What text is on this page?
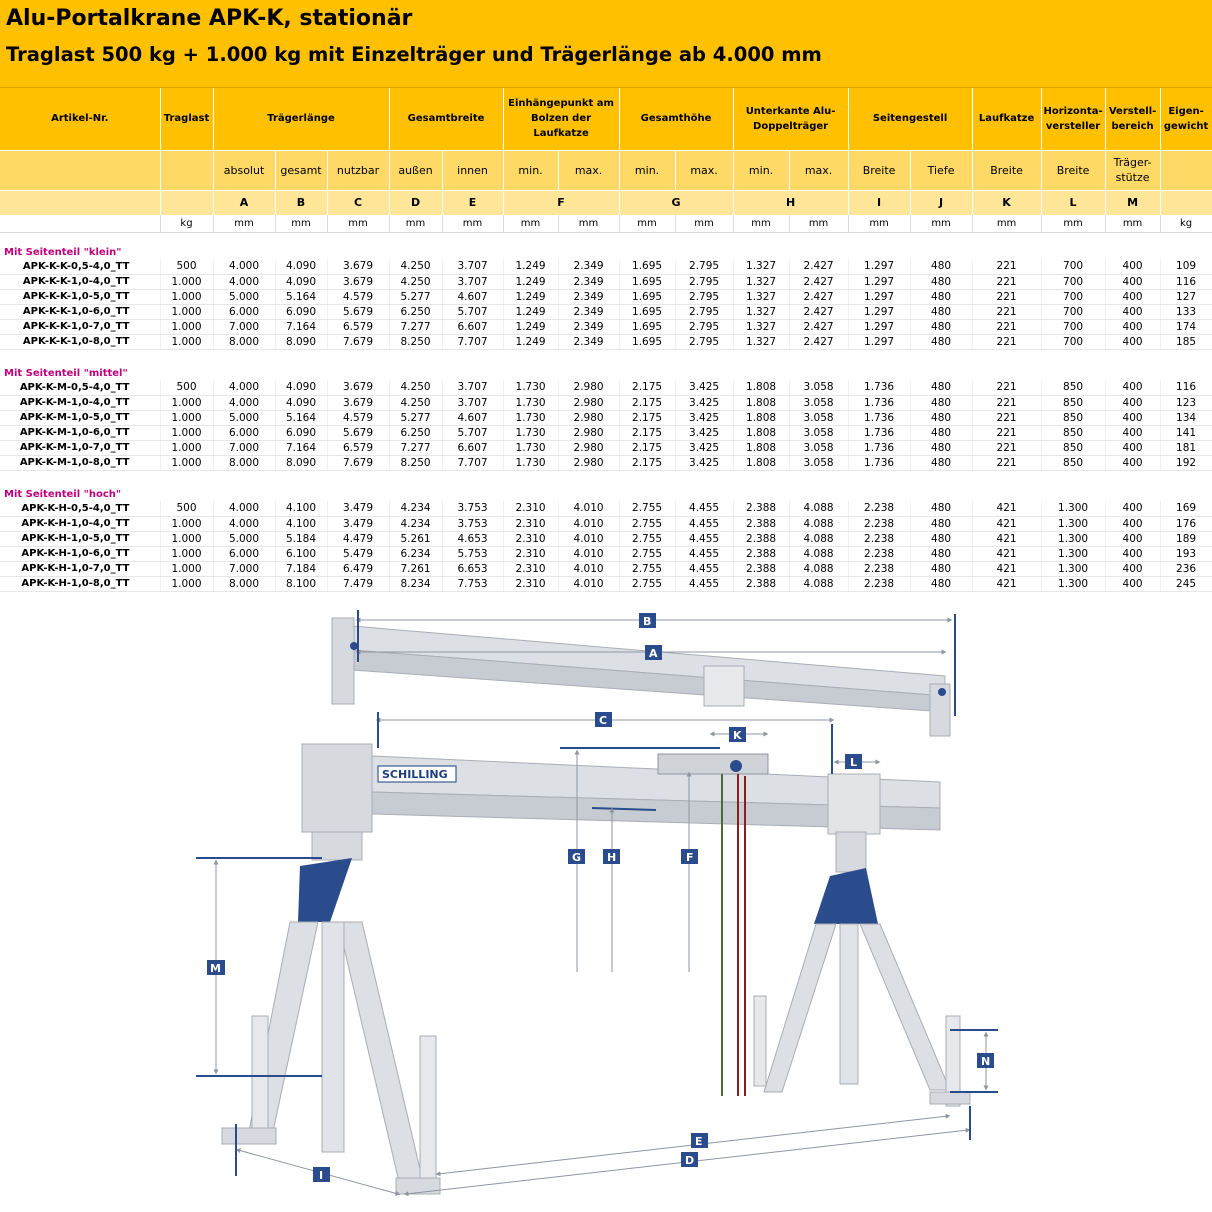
Alu-Portalkrane APK-K, stationär
Traglast 500 kg + 1.000 kg mit Einzelträger und Trägerlänge ab 4.000 mm
Artikel-Nr.	Traglast	Trägerlänge			Gesamtbreite		Einhängepunkt am Bolzen der Laufkatze		Gesamthöhe		Unterkante Alu-Doppelträger		Seitengestell		Laufkatze	Horizonta-versteller	Verstell-bereich	Eigen-gewicht
		absolut	gesamt	nutzbar	außen	innen	min.	max.	min.	max.	min.	max.	Breite	Tiefe	Breite	Breite	Träger-stütze	
		A	B	C	D	E	F		G		H		I	J	K	L	M	
	kg	mm	mm	mm	mm	mm	mm	mm	mm	mm	mm	mm	mm	mm	mm	mm	mm	kg

Mit Seitenteil "klein"																		
APK-K-K-0,5-4,0_TT	500	4.000	4.090	3.679	4.250	3.707	1.249	2.349	1.695	2.795	1.327	2.427	1.297	480	221	700	400	109
APK-K-K-1,0-4,0_TT	1.000	4.000	4.090	3.679	4.250	3.707	1.249	2.349	1.695	2.795	1.327	2.427	1.297	480	221	700	400	116
APK-K-K-1,0-5,0_TT	1.000	5.000	5.164	4.579	5.277	4.607	1.249	2.349	1.695	2.795	1.327	2.427	1.297	480	221	700	400	127
APK-K-K-1,0-6,0_TT	1.000	6.000	6.090	5.679	6.250	5.707	1.249	2.349	1.695	2.795	1.327	2.427	1.297	480	221	700	400	133
APK-K-K-1,0-7,0_TT	1.000	7.000	7.164	6.579	7.277	6.607	1.249	2.349	1.695	2.795	1.327	2.427	1.297	480	221	700	400	174
APK-K-K-1,0-8,0_TT	1.000	8.000	8.090	7.679	8.250	7.707	1.249	2.349	1.695	2.795	1.327	2.427	1.297	480	221	700	400	185

Mit Seitenteil "mittel"																		
APK-K-M-0,5-4,0_TT	500	4.000	4.090	3.679	4.250	3.707	1.730	2.980	2.175	3.425	1.808	3.058	1.736	480	221	850	400	116
APK-K-M-1,0-4,0_TT	1.000	4.000	4.090	3.679	4.250	3.707	1.730	2.980	2.175	3.425	1.808	3.058	1.736	480	221	850	400	123
APK-K-M-1,0-5,0_TT	1.000	5.000	5.164	4.579	5.277	4.607	1.730	2.980	2.175	3.425	1.808	3.058	1.736	480	221	850	400	134
APK-K-M-1,0-6,0_TT	1.000	6.000	6.090	5.679	6.250	5.707	1.730	2.980	2.175	3.425	1.808	3.058	1.736	480	221	850	400	141
APK-K-M-1,0-7,0_TT	1.000	7.000	7.164	6.579	7.277	6.607	1.730	2.980	2.175	3.425	1.808	3.058	1.736	480	221	850	400	181
APK-K-M-1,0-8,0_TT	1.000	8.000	8.090	7.679	8.250	7.707	1.730	2.980	2.175	3.425	1.808	3.058	1.736	480	221	850	400	192

Mit Seitenteil "hoch"																		
APK-K-H-0,5-4,0_TT	500	4.000	4.100	3.479	4.234	3.753	2.310	4.010	2.755	4.455	2.388	4.088	2.238	480	421	1.300	400	169
APK-K-H-1,0-4,0_TT	1.000	4.000	4.100	3.479	4.234	3.753	2.310	4.010	2.755	4.455	2.388	4.088	2.238	480	421	1.300	400	176
APK-K-H-1,0-5,0_TT	1.000	5.000	5.184	4.479	5.261	4.653	2.310	4.010	2.755	4.455	2.388	4.088	2.238	480	421	1.300	400	189
APK-K-H-1,0-6,0_TT	1.000	6.000	6.100	5.479	6.234	5.753	2.310	4.010	2.755	4.455	2.388	4.088	2.238	480	421	1.300	400	193
APK-K-H-1,0-7,0_TT	1.000	7.000	7.184	6.479	7.261	6.653	2.310	4.010	2.755	4.455	2.388	4.088	2.238	480	421	1.300	400	236
APK-K-H-1,0-8,0_TT	1.000	8.000	8.100	7.479	8.234	7.753	2.310	4.010	2.755	4.455	2.388	4.088	2.238	480	421	1.300	400	245
SCHILLING
B
A
C
K
L
G H	F
M
N
E
D
I
